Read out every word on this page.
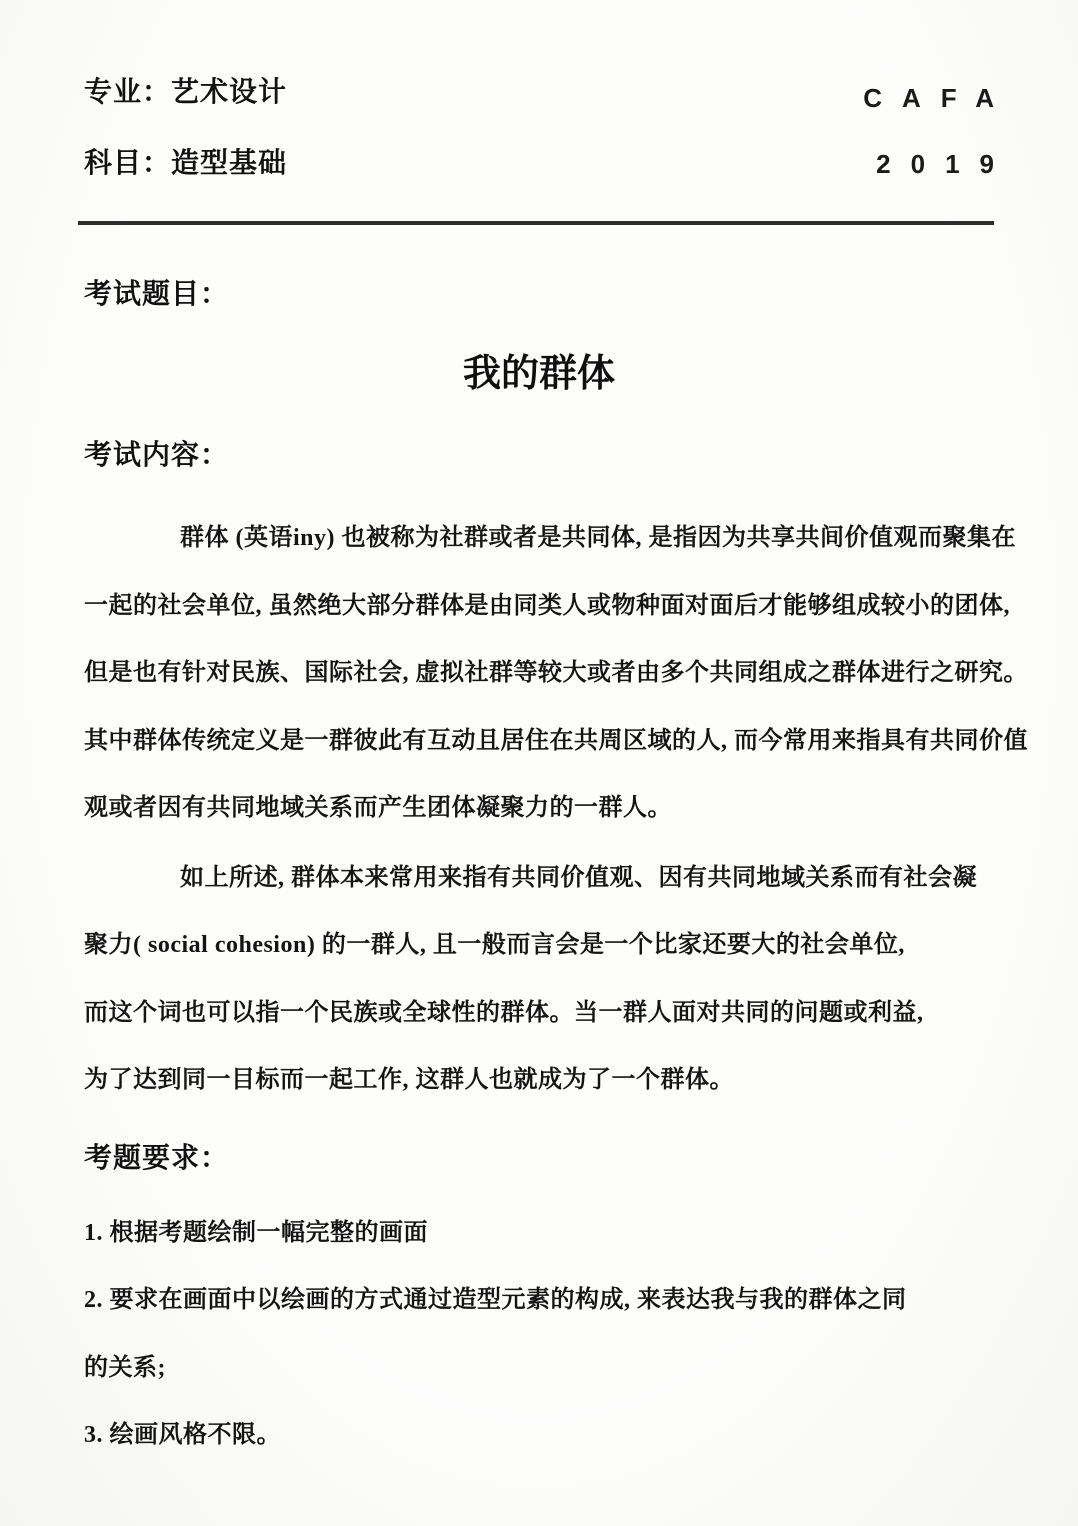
专业：艺术设计
科目：造型基础
CAFA
2019
考试题目：
我的群体
考试内容：
群体 (英语iny) 也被称为社群或者是共同体, 是指因为共享共间价值观而聚集在
一起的社会单位, 虽然绝大部分群体是由同类人或物种面对面后才能够组成较小的团体,
但是也有针对民族、国际社会, 虚拟社群等较大或者由多个共同组成之群体进行之研究。
其中群体传统定义是一群彼此有互动且居住在共周区域的人, 而今常用来指具有共同价值
观或者因有共同地域关系而产生团体凝聚力的一群人。
如上所述, 群体本来常用来指有共同价值观、因有共同地域关系而有社会凝
聚力( social cohesion) 的一群人, 且一般而言会是一个比家还要大的社会单位,
而这个词也可以指一个民族或全球性的群体。当一群人面对共同的问题或利益,
为了达到同一目标而一起工作, 这群人也就成为了一个群体。
考题要求：
1. 根据考题绘制一幅完整的画面
2. 要求在画面中以绘画的方式通过造型元素的构成, 来表达我与我的群体之同
的关系;
3. 绘画风格不限。
